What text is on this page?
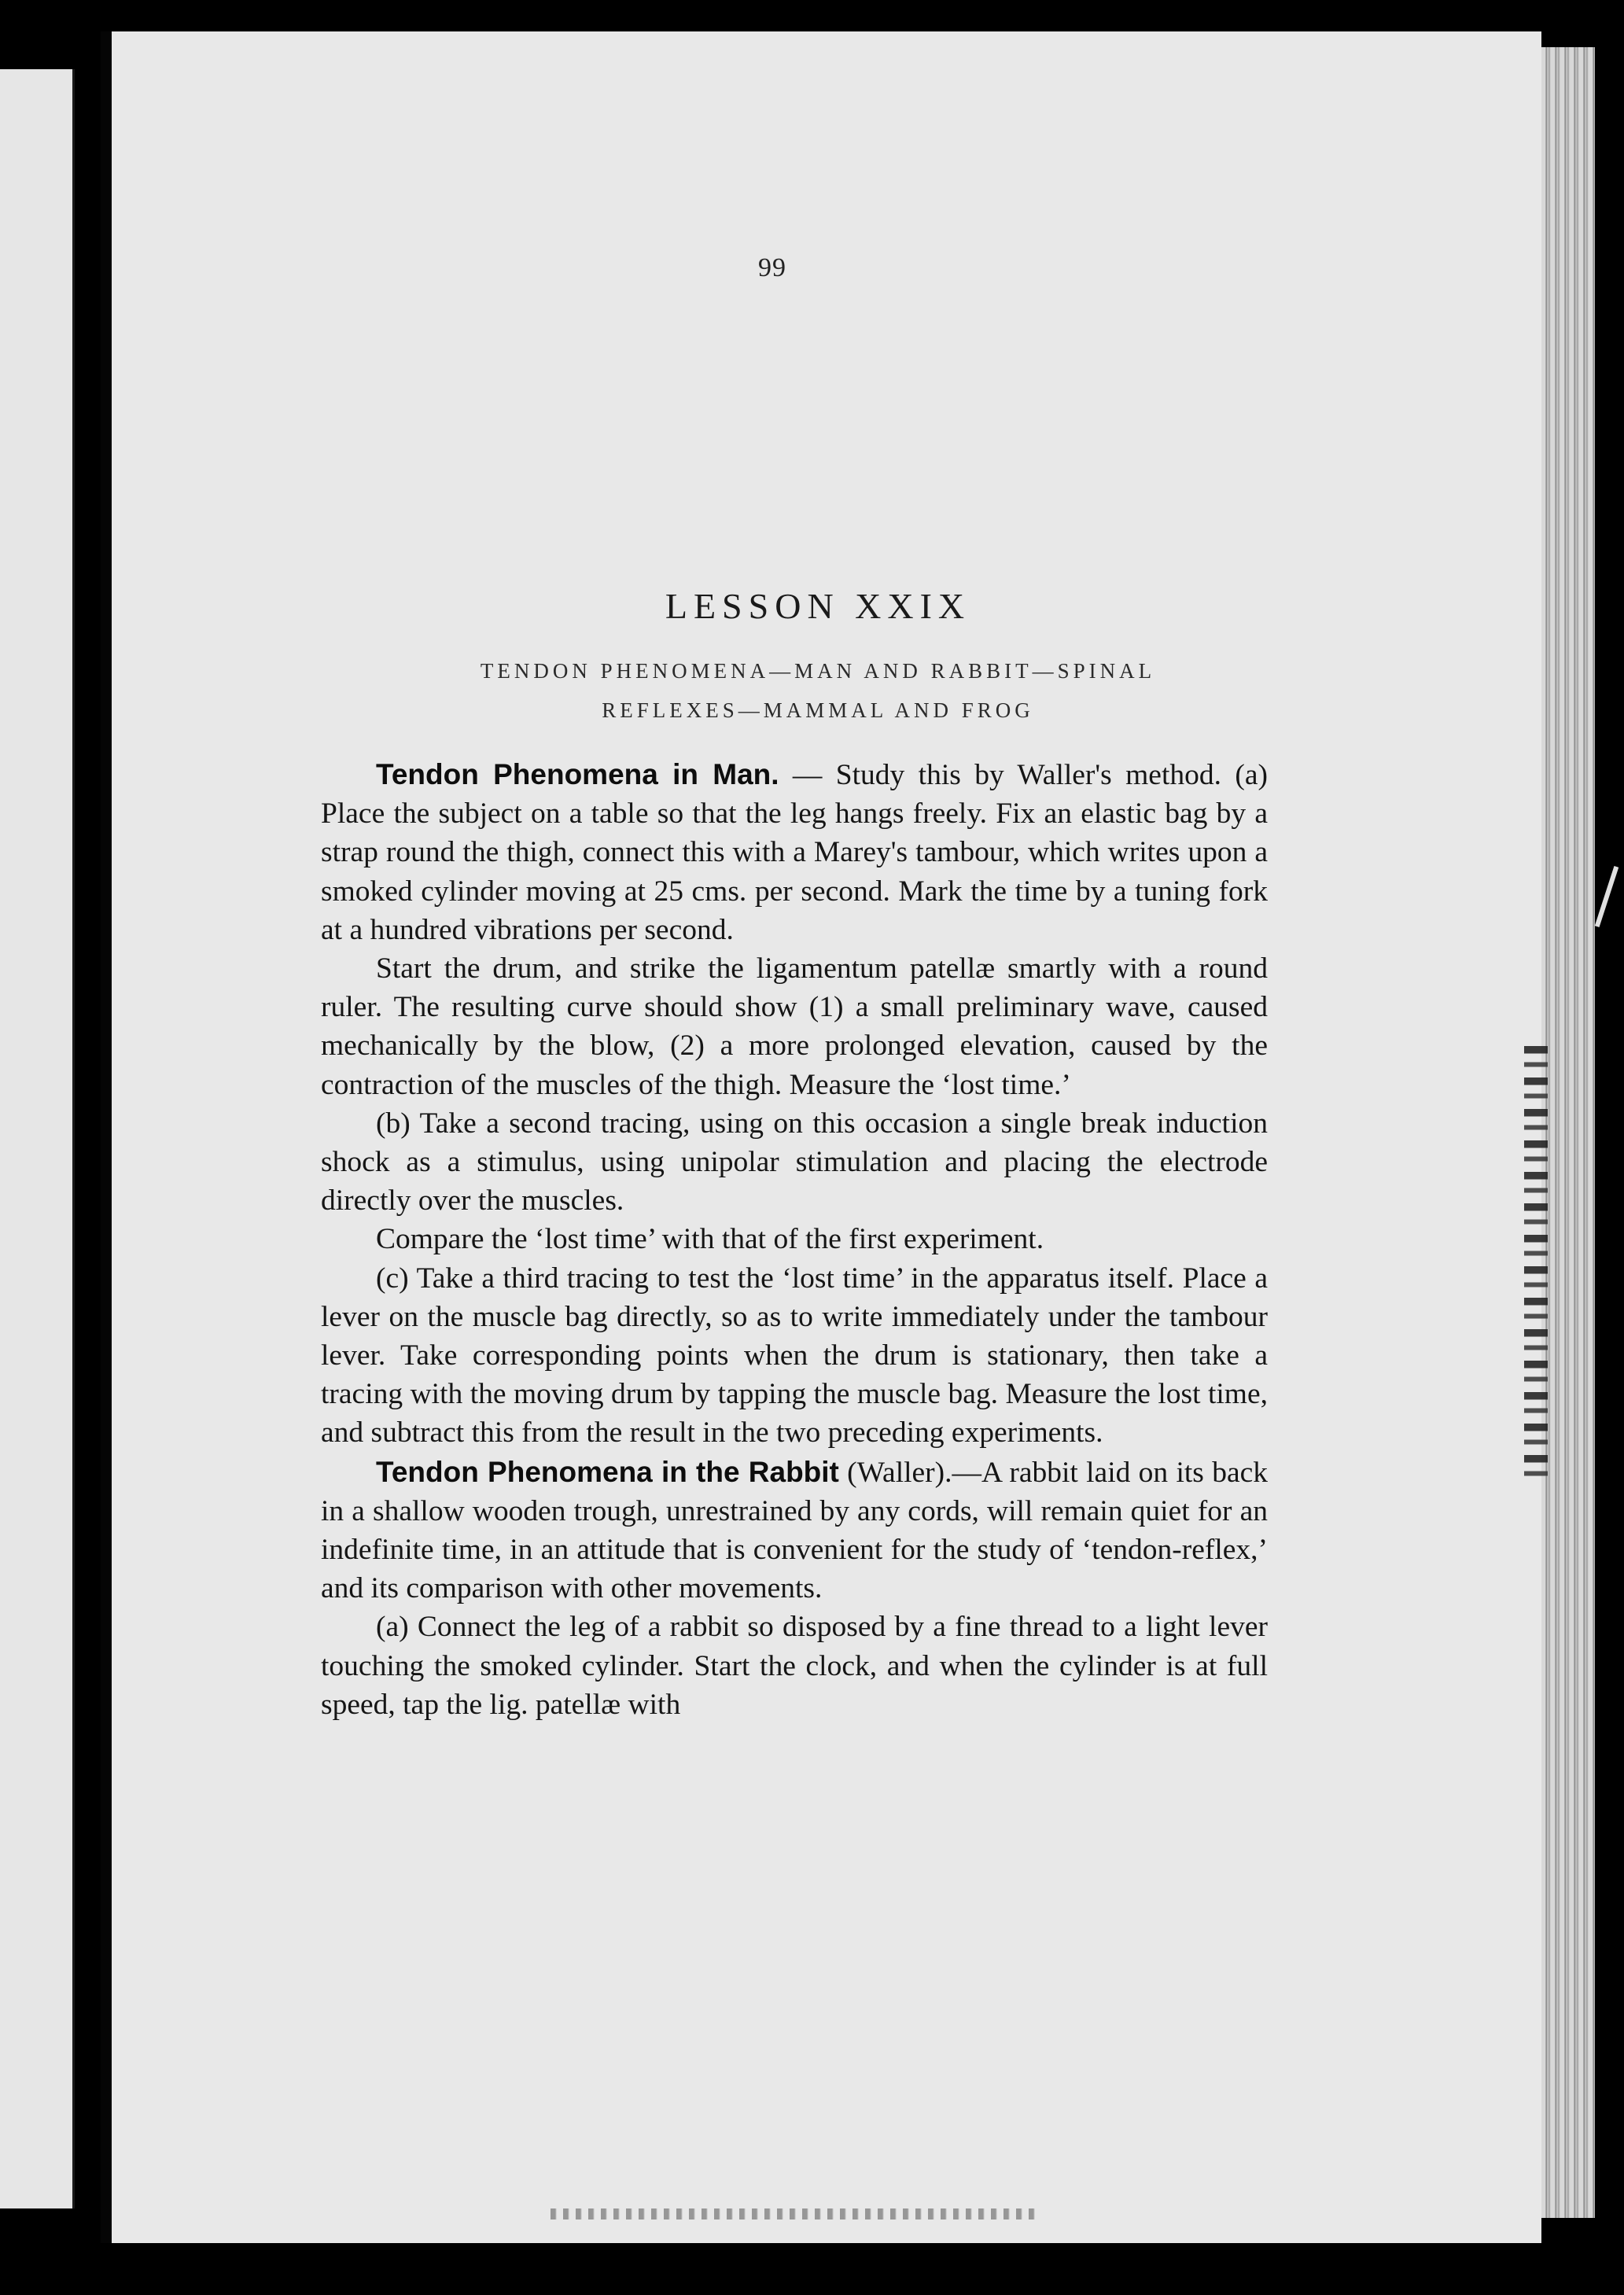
99
LESSON XXIX
TENDON PHENOMENA—MAN AND RABBIT—SPINAL
REFLEXES—MAMMAL AND FROG

Tendon Phenomena in Man. — Study this by Waller's method. (a) Place the subject on a table so that the leg hangs freely. Fix an elastic bag by a strap round the thigh, connect this with a Marey's tambour, which writes upon a smoked cylinder moving at 25 cms. per second. Mark the time by a tuning fork at a hundred vibrations per second.

Start the drum, and strike the ligamentum patellæ smartly with a round ruler. The resulting curve should show (1) a small preliminary wave, caused mechanically by the blow, (2) a more prolonged elevation, caused by the contraction of the muscles of the thigh. Measure the ‘lost time.’

(b) Take a second tracing, using on this occasion a single break induction shock as a stimulus, using unipolar stimulation and placing the electrode directly over the muscles.

Compare the ‘lost time’ with that of the first experiment.

(c) Take a third tracing to test the ‘lost time’ in the apparatus itself. Place a lever on the muscle bag directly, so as to write immediately under the tambour lever. Take corresponding points when the drum is stationary, then take a tracing with the moving drum by tapping the muscle bag. Measure the lost time, and subtract this from the result in the two preceding experiments.

Tendon Phenomena in the Rabbit (Waller).—A rabbit laid on its back in a shallow wooden trough, unrestrained by any cords, will remain quiet for an indefinite time, in an attitude that is convenient for the study of ‘tendon-reflex,’ and its comparison with other movements.

(a) Connect the leg of a rabbit so disposed by a fine thread to a light lever touching the smoked cylinder. Start the clock, and when the cylinder is at full speed, tap the lig. patellæ with
